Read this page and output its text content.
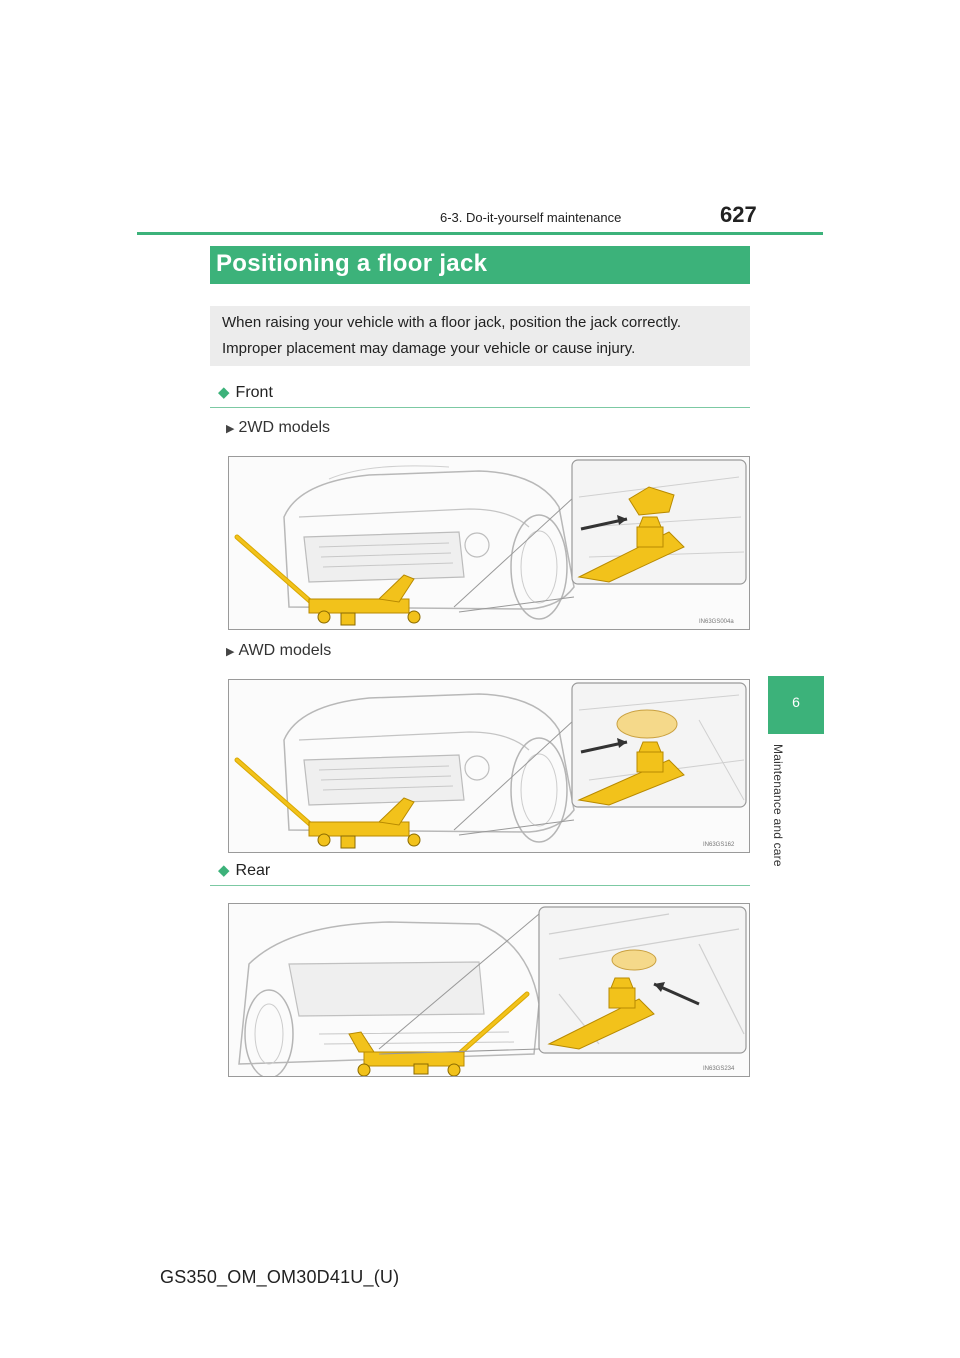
6-3. Do-it-yourself maintenance	627
6
Maintenance and care
Positioning a floor jack
When raising your vehicle with a floor jack, position the jack correctly.
Improper placement may damage your vehicle or cause injury.
◆ Front
▶ 2WD models
IN63GS004a
▶ AWD models
IN63GS162
◆ Rear
IN63GS234
GS350_OM_OM30D41U_(U)
